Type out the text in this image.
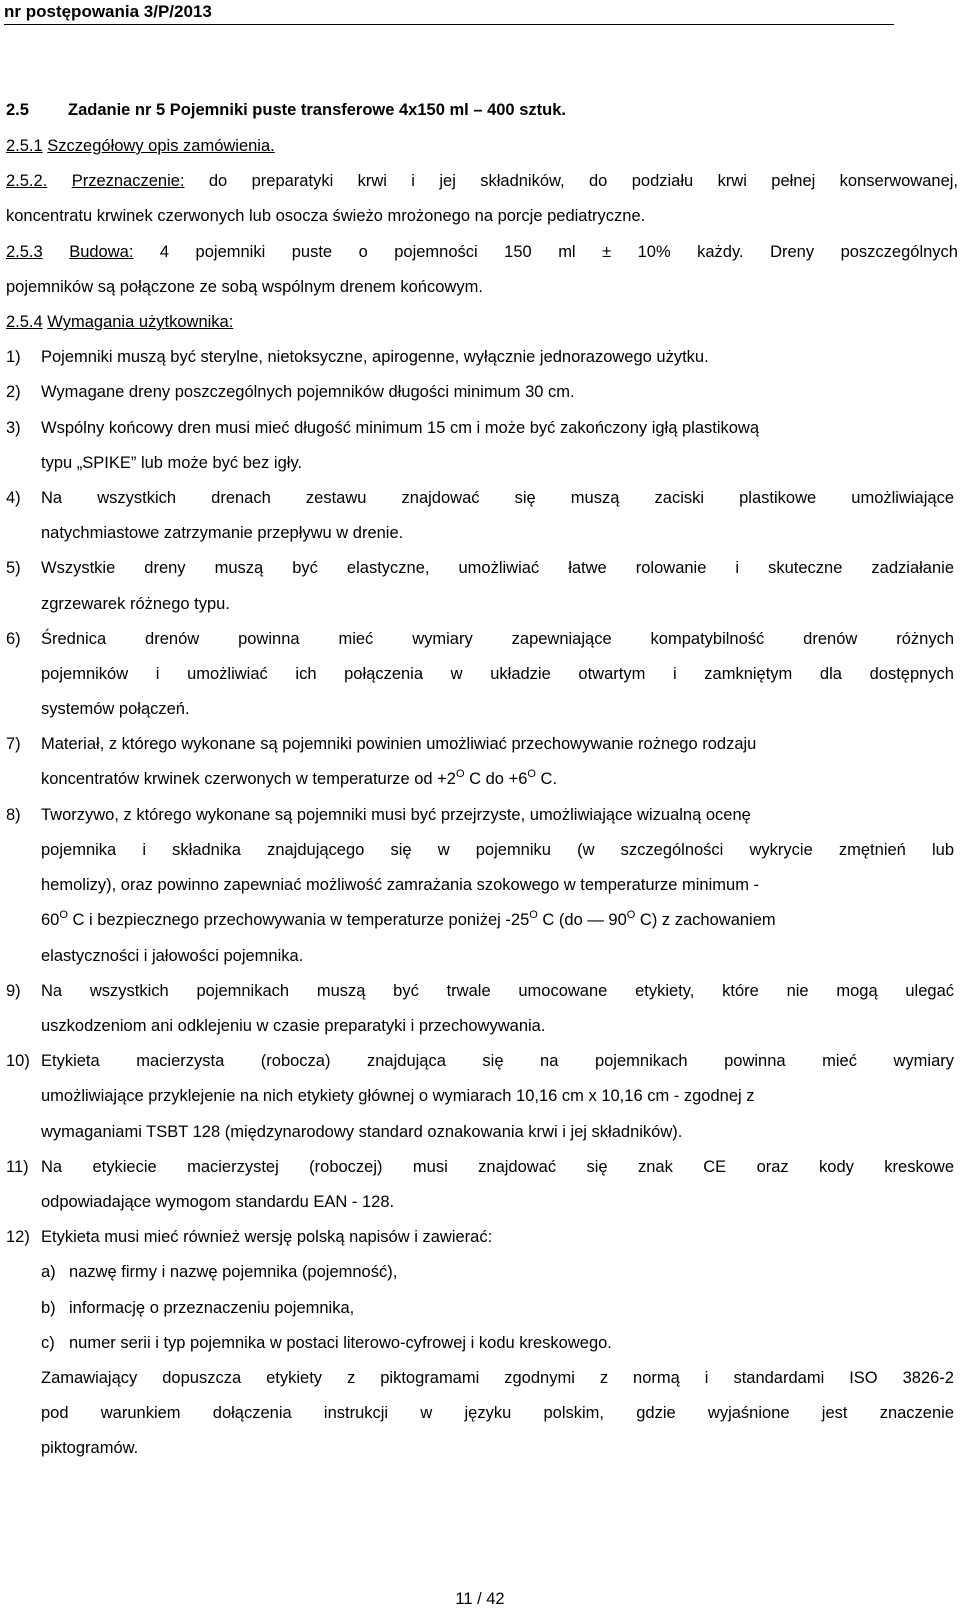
nr postępowania 3/P/2013
2.5 Zadanie nr 5 Pojemniki puste transferowe 4x150 ml – 400 sztuk.
2.5.1 Szczegółowy opis zamówienia.
2.5.2. Przeznaczenie: do preparatyki krwi i jej składników, do podziału krwi pełnej konserwowanej,
koncentratu krwinek czerwonych lub osocza świeżo mrożonego na porcje pediatryczne.
2.5.3 Budowa: 4 pojemniki puste o pojemności 150 ml ± 10% każdy. Dreny poszczególnych
pojemników są połączone ze sobą wspólnym drenem końcowym.
2.5.4 Wymagania użytkownika:
1) Pojemniki muszą być sterylne, nietoksyczne, apirogenne, wyłącznie jednorazowego użytku.
2) Wymagane dreny poszczególnych pojemników długości minimum 30 cm.
3) Wspólny końcowy dren musi mieć długość minimum 15 cm i może być zakończony igłą plastikową
typu „SPIKE” lub może być bez igły.
4) Na wszystkich drenach zestawu znajdować się muszą zaciski plastikowe umożliwiające
natychmiastowe zatrzymanie przepływu w drenie.
5) Wszystkie dreny muszą być elastyczne, umożliwiać łatwe rolowanie i skuteczne zadziałanie
zgrzewarek różnego typu.
6) Średnica drenów powinna mieć wymiary zapewniające kompatybilność drenów różnych
pojemników i umożliwiać ich połączenia w układzie otwartym i zamkniętym dla dostępnych
systemów połączeń.
7) Materiał, z którego wykonane są pojemniki powinien umożliwiać przechowywanie rożnego rodzaju
koncentratów krwinek czerwonych w temperaturze od $+2^O$ C do $+6^O$ C.
8) Tworzywo, z którego wykonane są pojemniki musi być przejrzyste, umożliwiające wizualną ocenę
pojemnika i składnika znajdującego się w pojemniku (w szczególności wykrycie zmętnień lub
hemolizy), oraz powinno zapewniać możliwość zamrażania szokowego w temperaturze minimum -
$60^O$ C i bezpiecznego przechowywania w temperaturze poniżej $-25^O$ C (do — $90^O$ C) z zachowaniem
elastyczności i jałowości pojemnika.
9) Na wszystkich pojemnikach muszą być trwale umocowane etykiety, które nie mogą ulegać
uszkodzeniom ani odklejeniu w czasie preparatyki i przechowywania.
10) Etykieta macierzysta (robocza) znajdująca się na pojemnikach powinna mieć wymiary
umożliwiające przyklejenie na nich etykiety głównej o wymiarach 10,16 cm x 10,16 cm - zgodnej z
wymaganiami TSBT 128 (międzynarodowy standard oznakowania krwi i jej składników).
11) Na etykiecie macierzystej (roboczej) musi znajdować się znak CE oraz kody kreskowe
odpowiadające wymogom standardu EAN - 128.
12) Etykieta musi mieć również wersję polską napisów i zawierać:
a) nazwę firmy i nazwę pojemnika (pojemność),
b) informację o przeznaczeniu pojemnika,
c) numer serii i typ pojemnika w postaci literowo-cyfrowej i kodu kreskowego.
Zamawiający dopuszcza etykiety z piktogramami zgodnymi z normą i standardami ISO 3826-2
pod warunkiem dołączenia instrukcji w języku polskim, gdzie wyjaśnione jest znaczenie
piktogramów.
11 / 42
